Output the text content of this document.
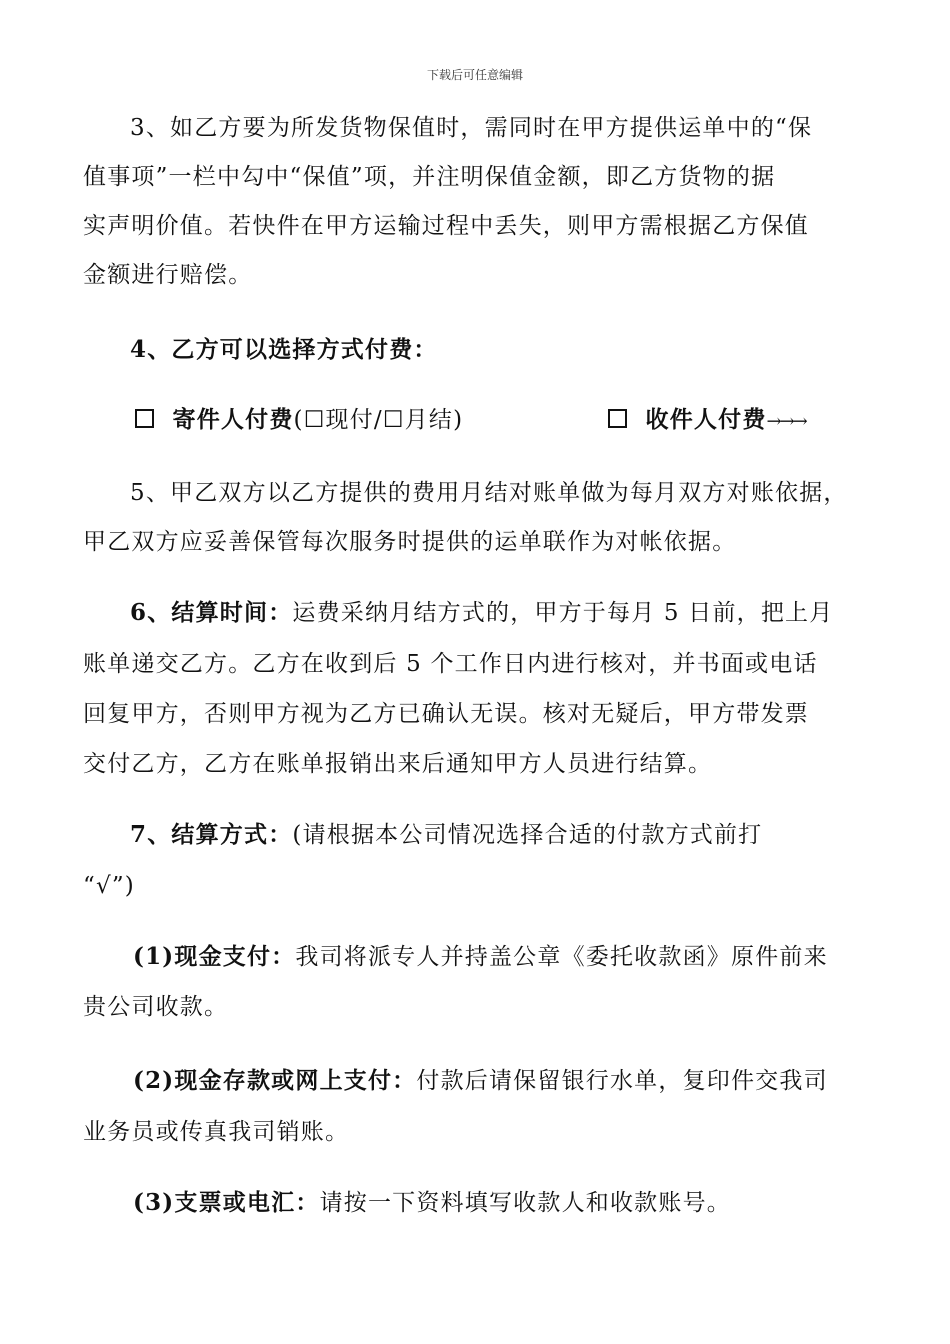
下载后可任意编辑
3、如乙方要为所发货物保值时，需同时在甲方提供运单中的“保
值事项”一栏中勾中“保值”项，并注明保值金额，即乙方货物的据
实声明价值。若快件在甲方运输过程中丢失，则甲方需根据乙方保值
金额进行赔偿。
4、乙方可以选择方式付费：
寄件人付费(☐现付/☐月结)	收件人付费→→→
5、甲乙双方以乙方提供的费用月结对账单做为每月双方对账依据，
甲乙双方应妥善保管每次服务时提供的运单联作为对帐依据。
6、结算时间：运费采纳月结方式的，甲方于每月 5 日前，把上月
账单递交乙方。乙方在收到后 5 个工作日内进行核对，并书面或电话
回复甲方，否则甲方视为乙方已确认无误。核对无疑后，甲方带发票
交付乙方，乙方在账单报销出来后通知甲方人员进行结算。
7、结算方式：(请根据本公司情况选择合适的付款方式前打
“√”)
(1)现金支付：我司将派专人并持盖公章《委托收款函》原件前来
贵公司收款。
(2)现金存款或网上支付：付款后请保留银行水单，复印件交我司
业务员或传真我司销账。
(3)支票或电汇：请按一下资料填写收款人和收款账号。
